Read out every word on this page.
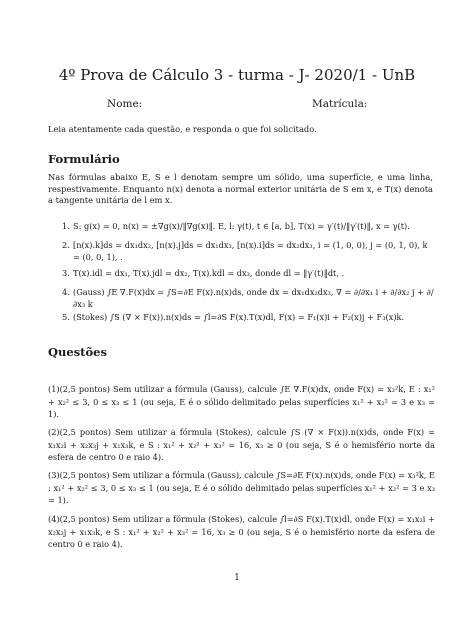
4º Prova de Cálculo 3 - turma - J- 2020/1 - UnB
Nome:	Matrícula:
Leia atentamente cada questão, e responda o que foi solicitado.
Formulário
Nas fórmulas abaixo E, S e l denotam sempre um sólido, uma superfície, e uma linha, respestivamente. Enquanto n(x) denota a normal exterior unitária de S em x, e T(x) denota a tangente unitária de l em x.
1. S: g(x) = 0, n(x) = ±∇g(x)/‖∇g(x)‖. E, l: γ(t), t ∈ [a, b], T(x) = γ′(t)/‖γ′(t)‖, x = γ(t).
2. [n(x).k]ds = dx₁dx₂, [n(x).j]ds = dx₁dx₃, [n(x).i]ds = dx₂dx₃, i = (1, 0, 0), j = (0, 1, 0), k = (0, 0, 1), .
3. T(x).idl = dx₁, T(x).jdl = dx₂, T(x).kdl = dx₃, donde dl = ‖γ′(t)‖dt, .
4. (Gauss) ∫E ∇.F(x)dx = ∫S=∂E F(x).n(x)ds, onde dx = dx₁dx₂dx₃, ∇ = ∂/∂x₁ i + ∂/∂x₂ j + ∂/∂x₃ k
5. (Stokes) ∫S (∇ × F(x)).n(x)ds = ∫l=∂S F(x).T(x)dl, F(x) = F₁(x)i + F₂(x)j + F₃(x)k.
Questões
(1)(2,5 pontos) Sem utilizar a fórmula (Gauss), calcule ∫E ∇.F(x)dx, onde F(x) = x₃²k, E : x₁² + x₂² ≤ 3, 0 ≤ x₃ ≤ 1 (ou seja, E é o sólido delimitado pelas superfícies x₁² + x₂² = 3 e x₃ = 1).
(2)(2,5 pontos) Sem utilizar a fórmula (Stokes), calcule ∫S (∇ × F(x)).n(x)ds, onde F(x) = x₁x₂i + x₂x₃j + x₁x₃k, e S : x₁² + x₂² + x₃² = 16, x₃ ≥ 0 (ou seja, S é o hemisfério norte da esfera de centro 0 e raio 4).
(3)(2,5 pontos) Sem utilizar a fórmula (Gauss), calcule ∫S=∂E F(x).n(x)ds, onde F(x) = x₃²k, E : x₁² + x₂² ≤ 3, 0 ≤ x₃ ≤ 1 (ou seja, E é o sólido delimitado pelas superfícies x₁² + x₂² = 3 e x₃ = 1).
(4)(2,5 pontos) Sem utilizar a fórmula (Stokes), calcule ∫l=∂S F(x).T(x)dl, onde F(x) = x₁x₂i + x₂x₃j + x₁x₃k, e S : x₁² + x₂² + x₃² = 16, x₃ ≥ 0 (ou seja, S é o hemisfério norte da esfera de centro 0 e raio 4).
1
